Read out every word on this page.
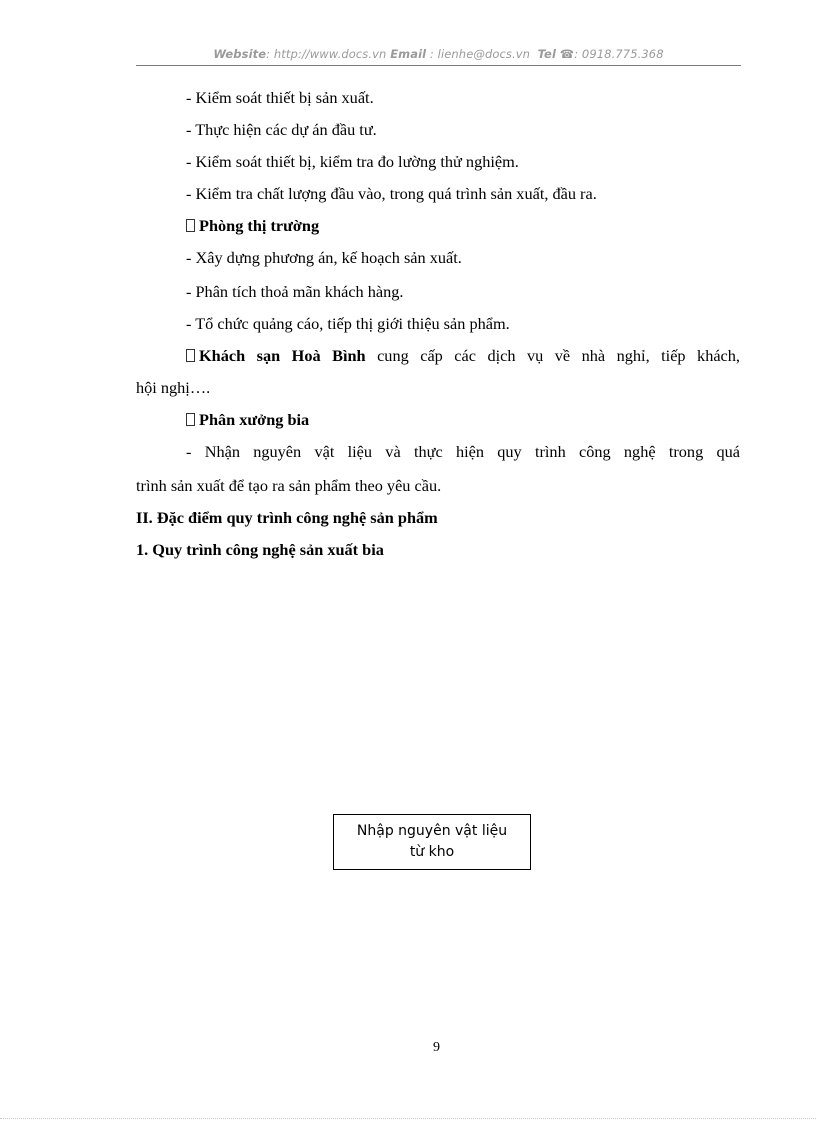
Website: http://www.docs.vn Email : lienhe@docs.vn Tel ☎: 0918.775.368
- Kiểm soát thiết bị sản xuất.
- Thực hiện các dự án đầu tư.
- Kiểm soát thiết bị, kiểm tra đo lường thử nghiệm.
- Kiểm tra chất lượng đầu vào, trong quá trình sản xuất, đầu ra.
Phòng thị trường
- Xây dựng phương án, kế hoạch sản xuất.
- Phân tích thoả mãn khách hàng.
- Tổ chức quảng cáo, tiếp thị giới thiệu sản phẩm.
Khách sạn Hoà Bình cung cấp các dịch vụ về nhà nghỉ, tiếp khách,
hội nghị….
Phân xưởng bia
- Nhận nguyên vật liệu và thực hiện quy trình công nghệ trong quá
trình sản xuất để tạo ra sản phẩm theo yêu cầu.
II. Đặc điểm quy trình công nghệ sản phẩm
1. Quy trình công nghệ sản xuất bia
Nhập nguyên vật liệu
từ kho
9
